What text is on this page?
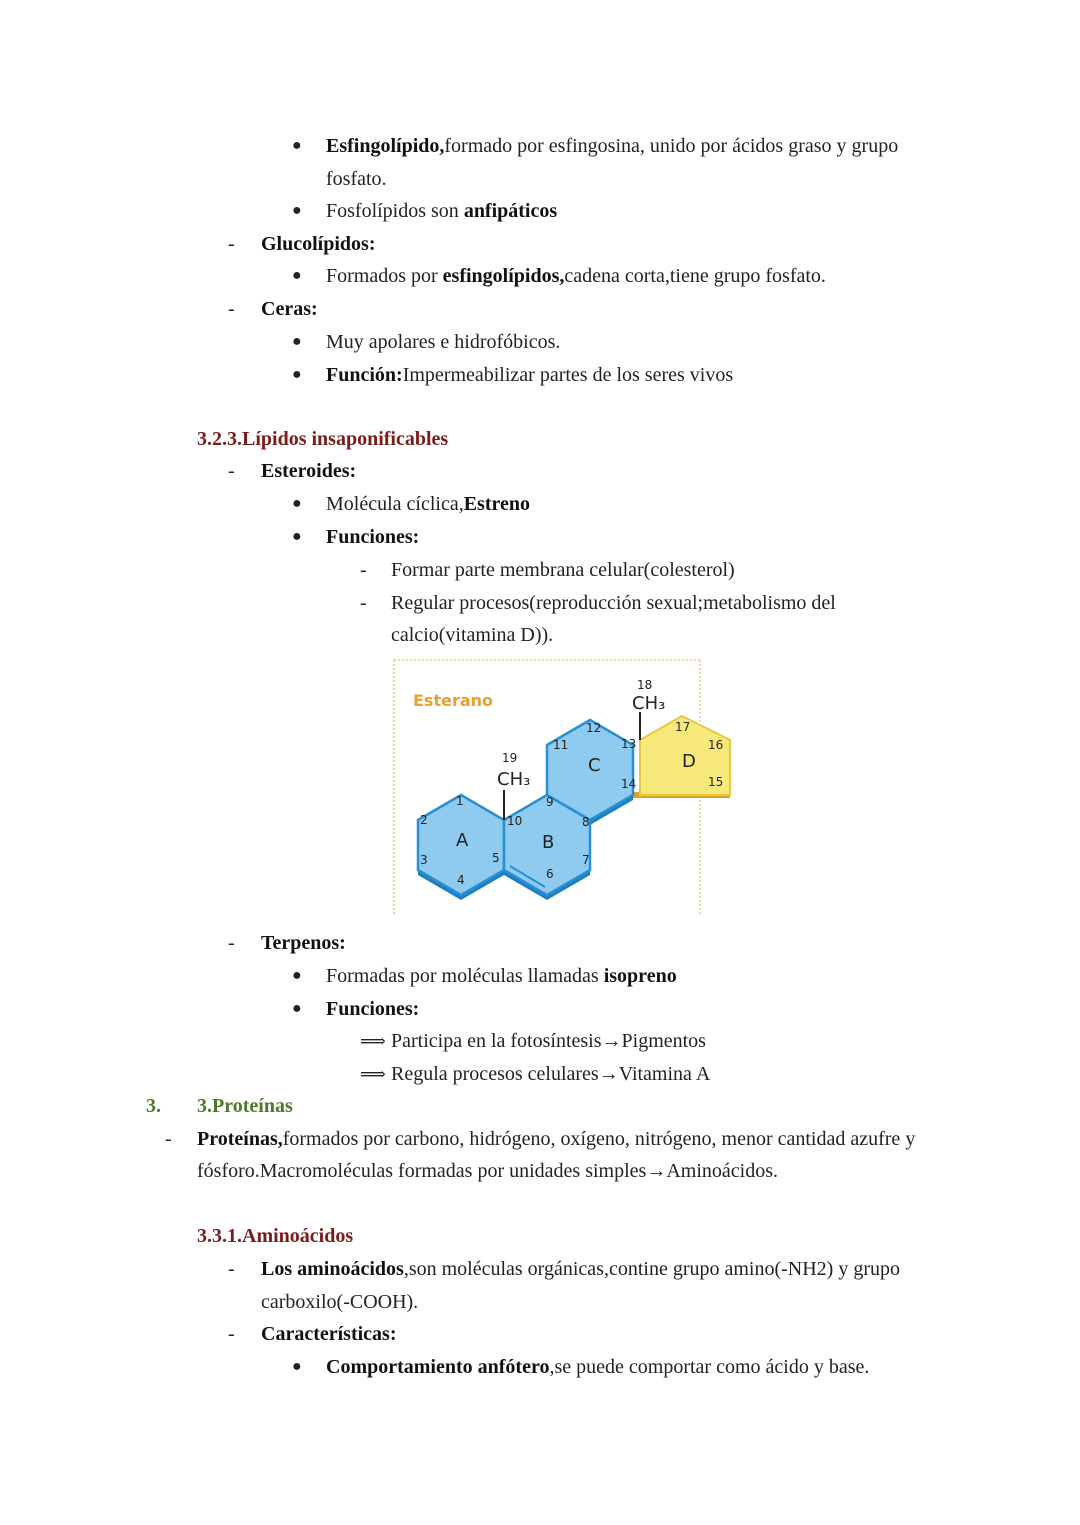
● Esfingolípido,formado por esfingosina, unido por ácidos graso y grupo
fosfato.
● Fosfolípidos son anfipáticos
- Glucolípidos:
● Formados por esfingolípidos,cadena corta,tiene grupo fosfato.
- Ceras:
● Muy apolares e hidrofóbicos.
● Función:Impermeabilizar partes de los seres vivos
3.2.3.Lípidos insaponificables
- Esteroides:
● Molécula cíclica,Estreno
● Funciones:
- Formar parte membrana celular(colesterol)
- Regular procesos(reproducción sexual;metabolismo del
calcio(vitamina D)).
Esterano
A	B
C	D
CH₃
CH₃
1
2
3
4
5
6
7
8
9
10
11
12
13
14	15
16
17
18
19
- Terpenos:
● Formadas por moléculas llamadas isopreno
● Funciones:
⟹ Participa en la fotosíntesis→Pigmentos
⟹ Regula procesos celulares→Vitamina A
3. 3.Proteínas
- Proteínas,formados por carbono, hidrógeno, oxígeno, nitrógeno, menor cantidad azufre y
fósforo.Macromoléculas formadas por unidades simples→Aminoácidos.
3.3.1.Aminoácidos
- Los aminoácidos,son moléculas orgánicas,contine grupo amino(-NH2) y grupo
carboxilo(-COOH).
- Características:
● Comportamiento anfótero,se puede comportar como ácido y base.
